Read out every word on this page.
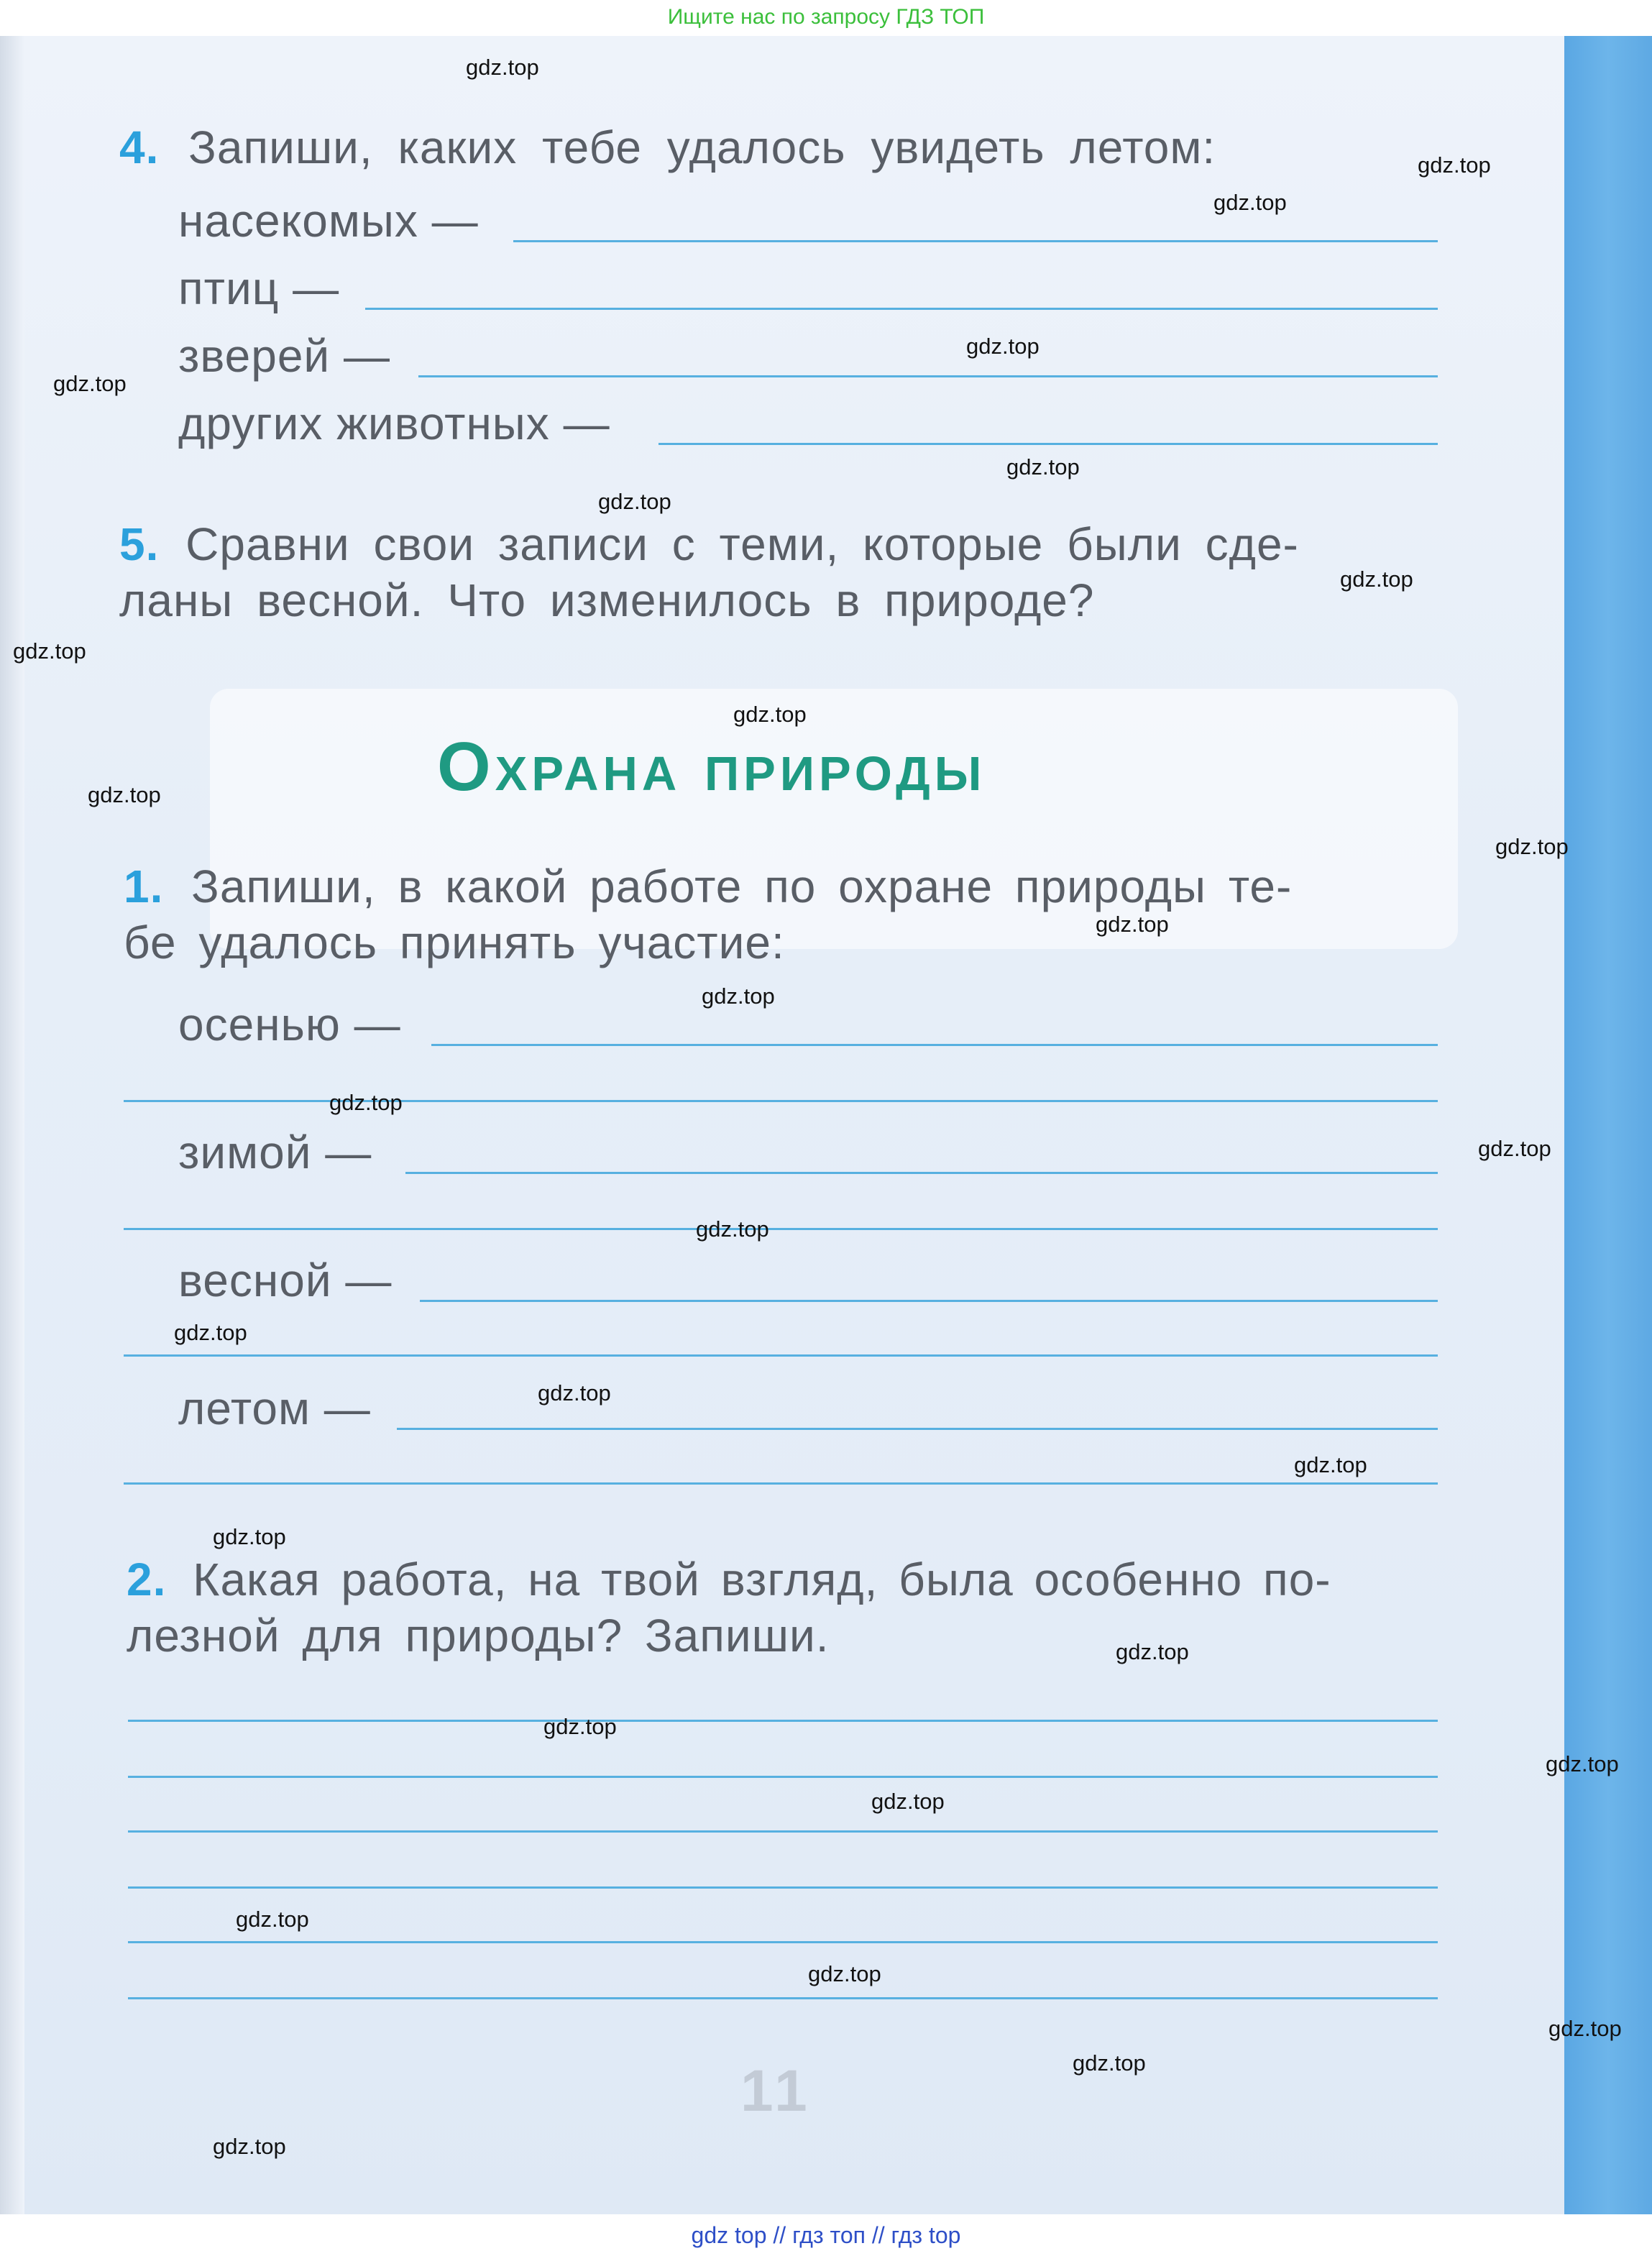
Ищите нас по запросу ГДЗ ТОП
4. Запиши, каких тебе удалось увидеть летом:
насекомых —
птиц —
зверей —
других животных —
5. Сравни свои записи с теми, которые были сде-
ланы весной. Что изменилось в природе?
Охрана природы
1. Запиши, в какой работе по охране природы те-
бе удалось принять участие:
осенью —
зимой —
весной —
летом —
2. Какая работа, на твой взгляд, была особенно по-
лезной для природы? Запиши.
11
gdz.top
gdz.top
gdz.top
gdz.top
gdz.top
gdz.top
gdz.top
gdz.top
gdz.top
gdz.top
gdz.top
gdz.top
gdz.top
gdz.top
gdz.top
gdz.top
gdz.top
gdz.top
gdz.top
gdz.top
gdz.top
gdz.top
gdz.top
gdz.top
gdz.top
gdz.top
gdz.top
gdz.top
gdz.top
gdz.top
gdz top // гдз топ // гдз top
